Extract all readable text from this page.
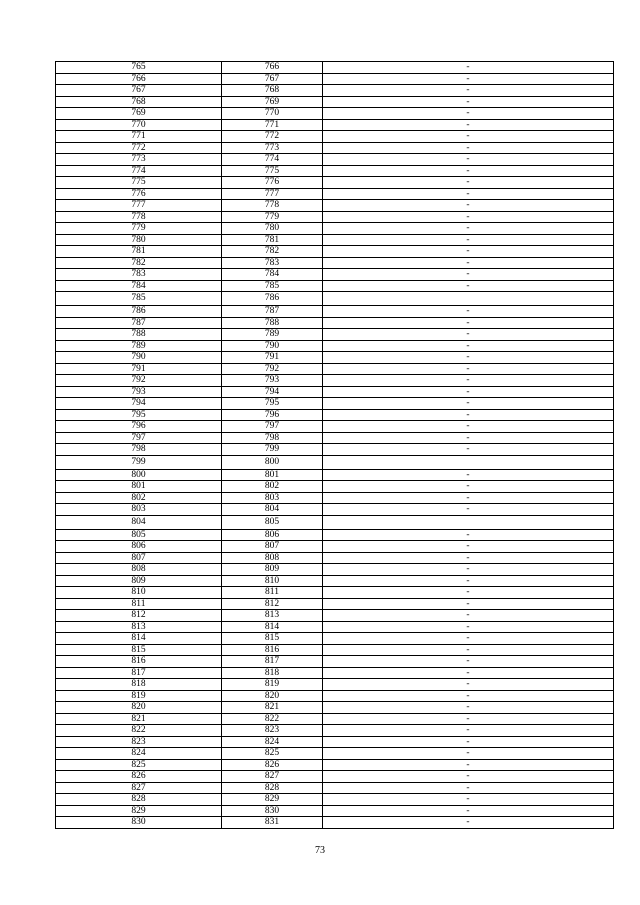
765	766	-
766	767	-
767	768	-
768	769	-
769	770	-
770	771	-
771	772	-
772	773	-
773	774	-
774	775	-
775	776	-
776	777	-
777	778	-
778	779	-
779	780	-
780	781	-
781	782	-
782	783	-
783	784	-
784	785	-
785	786	
786	787	-
787	788	-
788	789	-
789	790	-
790	791	-
791	792	-
792	793	-
793	794	-
794	795	-
795	796	-
796	797	-
797	798	-
798	799	-
799	800	
800	801	-
801	802	-
802	803	-
803	804	-
804	805	
805	806	-
806	807	-
807	808	-
808	809	-
809	810	-
810	811	-
811	812	-
812	813	-
813	814	-
814	815	-
815	816	-
816	817	-
817	818	-
818	819	-
819	820	-
820	821	-
821	822	-
822	823	-
823	824	-
824	825	-
825	826	-
826	827	-
827	828	-
828	829	-
829	830	-
830	831	-
73
